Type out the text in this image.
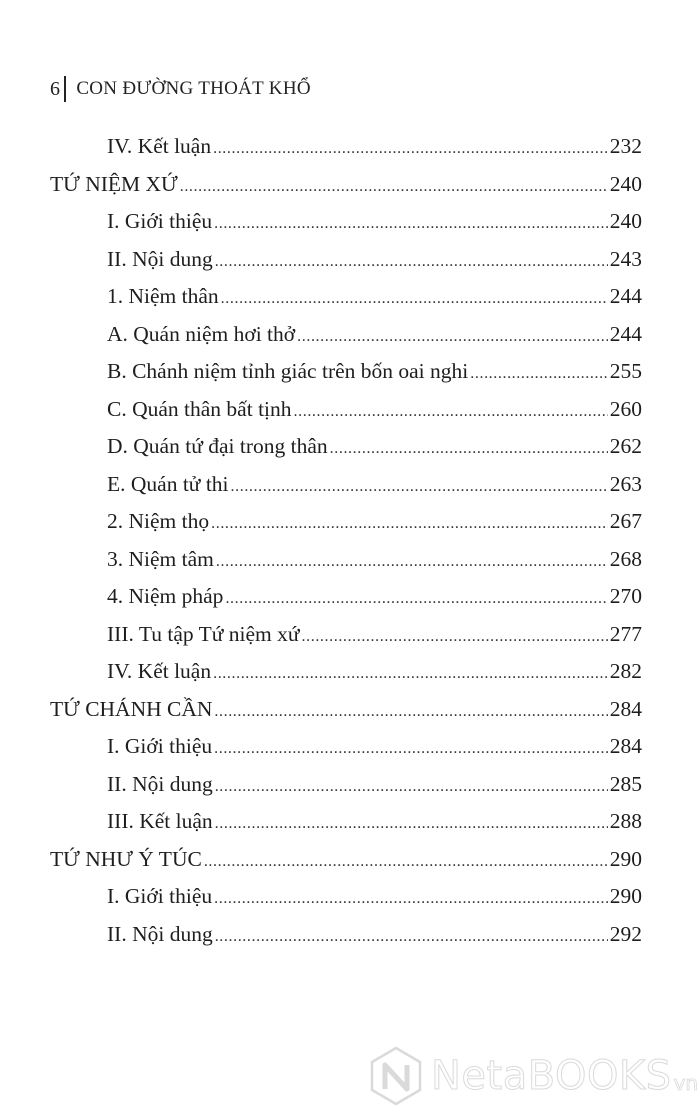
6 CON ĐƯỜNG THOÁT KHỔ
IV. Kết luận .....	232
TỨ NIỆM XỨ .....	240
I. Giới thiệu .....	240
II. Nội dung .....	243
1. Niệm thân .....	244
A. Quán niệm hơi thở .....	244
B. Chánh niệm tỉnh giác trên bốn oai nghi .....	255
C. Quán thân bất tịnh .....	260
D. Quán tứ đại trong thân .....	262
E. Quán tử thi .....	263
2. Niệm thọ .....	267
3. Niệm tâm .....	268
4. Niệm pháp .....	270
III. Tu tập Tứ niệm xứ .....	277
IV. Kết luận .....	282
TỨ CHÁNH CẦN .....	284
I. Giới thiệu .....	284
II. Nội dung .....	285
III. Kết luận .....	288
TỨ NHƯ Ý TÚC .....	290
I. Giới thiệu .....	290
II. Nội dung .....	292
NetaBOOKS vn
